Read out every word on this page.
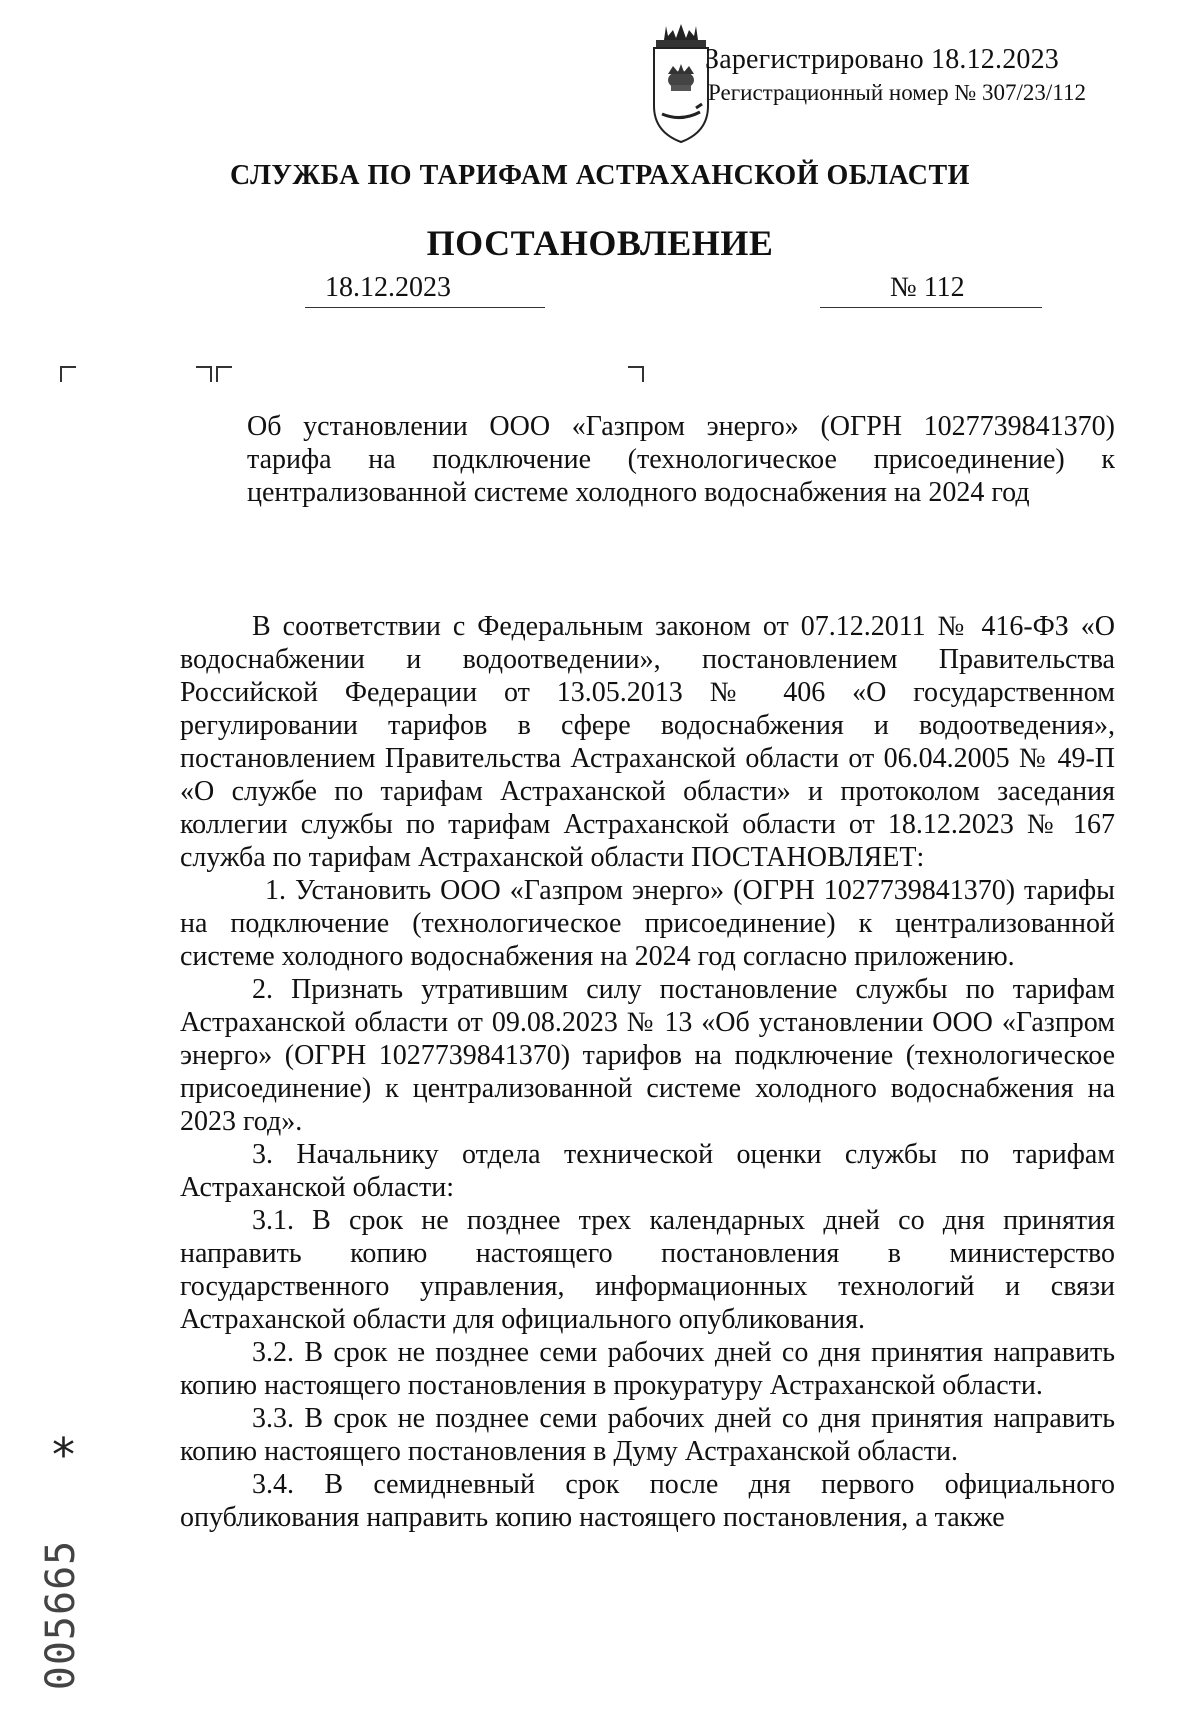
Зарегистрировано 18.12.2023
Регистрационный номер № 307/23/112
СЛУЖБА ПО ТАРИФАМ АСТРАХАНСКОЙ ОБЛАСТИ
ПОСТАНОВЛЕНИЕ
18.12.2023	№ 112

Об установлении ООО «Газпром энерго» (ОГРН 1027739841370) тарифа на подключение (технологическое присоединение) к централизованной системе холодного водоснабжения на 2024 год

В соответствии с Федеральным законом от 07.12.2011 № 416-ФЗ «О водоснабжении и водоотведении», постановлением Правительства Российской Федерации от 13.05.2013 № 406 «О государственном регулировании тарифов в сфере водоснабжения и водоотведения», постановлением Правительства Астраханской области от 06.04.2005 № 49-П «О службе по тарифам Астраханской области» и протоколом заседания коллегии службы по тарифам Астраханской области от 18.12.2023 № 167 служба по тарифам Астраханской области ПОСТАНОВЛЯЕТ:

1. Установить ООО «Газпром энерго» (ОГРН 1027739841370) тарифы на подключение (технологическое присоединение) к централизованной системе холодного водоснабжения на 2024 год согласно приложению.

2. Признать утратившим силу постановление службы по тарифам Астраханской области от 09.08.2023 № 13 «Об установлении ООО «Газпром энерго» (ОГРН 1027739841370) тарифов на подключение (технологическое присоединение) к централизованной системе холодного водоснабжения на 2023 год».

3. Начальнику отдела технической оценки службы по тарифам Астраханской области:

3.1. В срок не позднее трех календарных дней со дня принятия направить копию настоящего постановления в министерство государственного управления, информационных технологий и связи Астраханской области для официального опубликования.

3.2. В срок не позднее семи рабочих дней со дня принятия направить копию настоящего постановления в прокуратуру Астраханской области.

3.3. В срок не позднее семи рабочих дней со дня принятия направить копию настоящего постановления в Думу Астраханской области.

3.4. В семидневный срок после дня первого официального опубликования направить копию настоящего постановления, а также

*
005665
